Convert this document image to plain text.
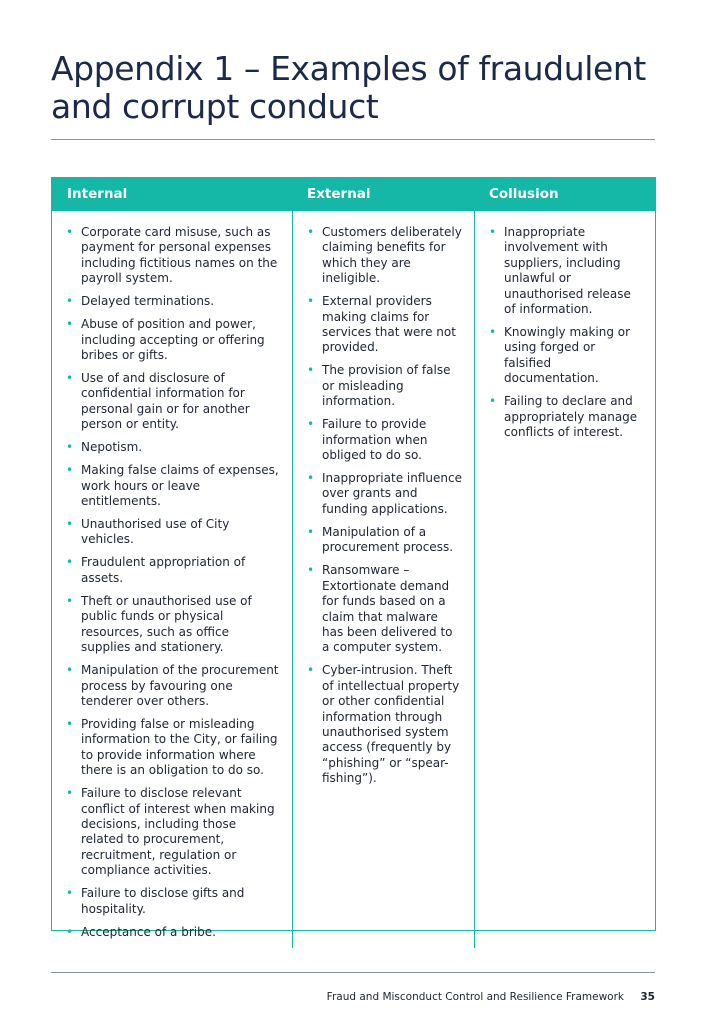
Appendix 1 – Examples of fraudulent and corrupt conduct
Internal	External	Collusion
• Corporate card misuse, such as payment for personal expenses including fictitious names on the payroll system.
• Delayed terminations.
• Abuse of position and power, including accepting or offering bribes or gifts.
• Use of and disclosure of confidential information for personal gain or for another person or entity.
• Nepotism.
• Making false claims of expenses, work hours or leave entitlements.
• Unauthorised use of City vehicles.
• Fraudulent appropriation of assets.
• Theft or unauthorised use of public funds or physical resources, such as office supplies and stationery.
• Manipulation of the procurement process by favouring one tenderer over others.
• Providing false or misleading information to the City, or failing to provide information where there is an obligation to do so.
• Failure to disclose relevant conflict of interest when making decisions, including those related to procurement, recruitment, regulation or compliance activities.
• Failure to disclose gifts and hospitality.
• Acceptance of a bribe.
• Customers deliberately claiming benefits for which they are ineligible.
• External providers making claims for services that were not provided.
• The provision of false or misleading information.
• Failure to provide information when obliged to do so.
• Inappropriate influence over grants and funding applications.
• Manipulation of a procurement process.
• Ransomware – Extortionate demand for funds based on a claim that malware has been delivered to a computer system.
• Cyber-intrusion. Theft of intellectual property or other confidential information through unauthorised system access (frequently by “phishing” or “spear-fishing”).
• Inappropriate involvement with suppliers, including unlawful or unauthorised release of information.
• Knowingly making or using forged or falsified documentation.
• Failing to declare and appropriately manage conflicts of interest.
Fraud and Misconduct Control and Resilience Framework 35
